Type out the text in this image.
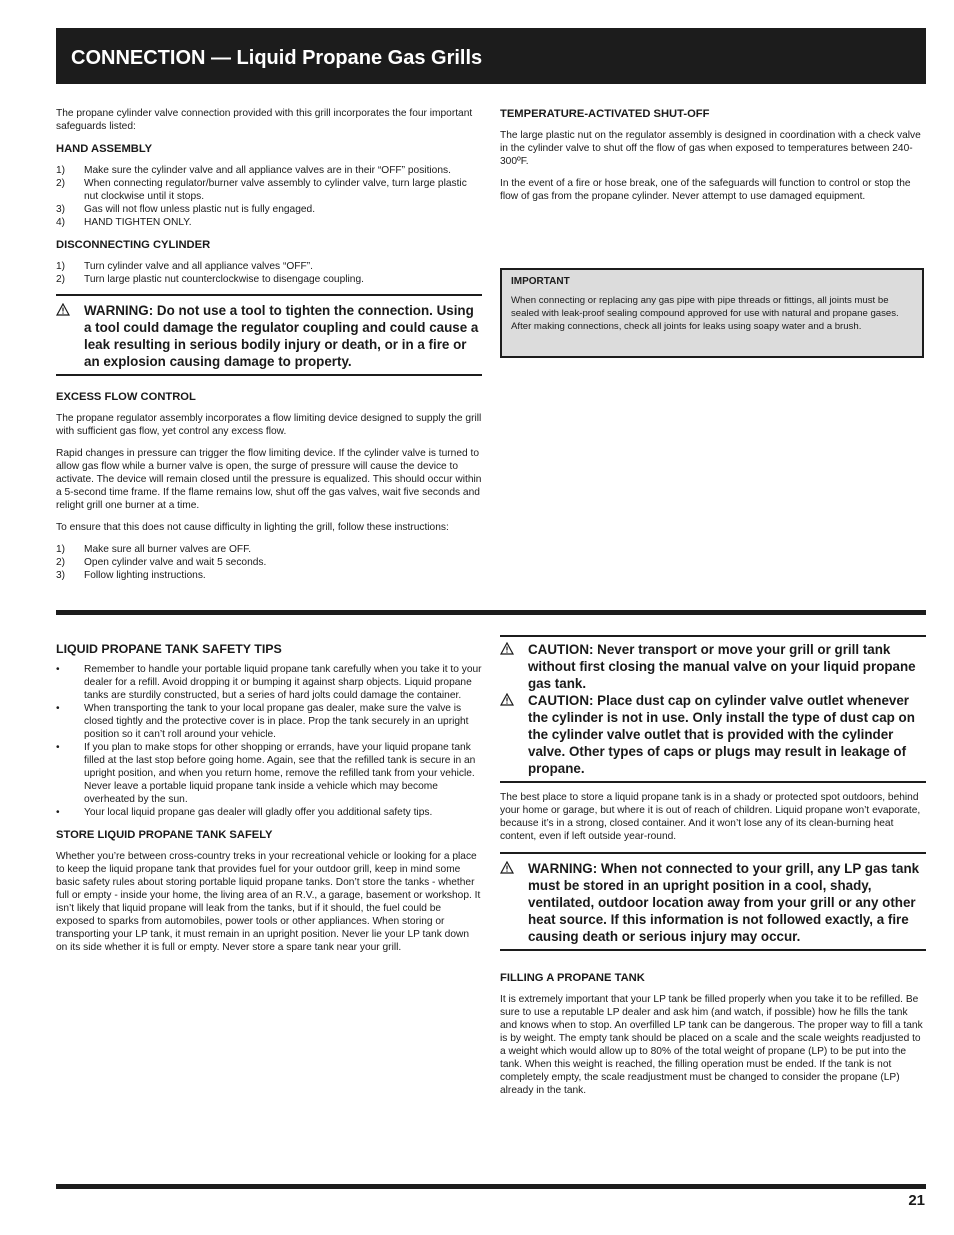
CONNECTION — Liquid Propane Gas Grills

The propane cylinder valve connection provided with this grill incorporates the four important safeguards listed:

HAND ASSEMBLY
1) Make sure the cylinder valve and all appliance valves are in their “OFF” positions.
2) When connecting regulator/burner valve assembly to cylinder valve, turn large plastic nut clockwise until it stops.
3) Gas will not flow unless plastic nut is fully engaged.
4) HAND TIGHTEN ONLY.
DISCONNECTING CYLINDER
1) Turn cylinder valve and all appliance valves “OFF”.
2) Turn large plastic nut counterclockwise to disengage coupling.
WARNING: Do not use a tool to tighten the connection. Using a tool could damage the regulator coupling and could cause a leak resulting in serious bodily injury or death, or in a fire or an explosion causing damage to property.
EXCESS FLOW CONTROL

The propane regulator assembly incorporates a flow limiting device designed to supply the grill with sufficient gas flow, yet control any excess flow.

Rapid changes in pressure can trigger the flow limiting device. If the cylinder valve is turned to allow gas flow while a burner valve is open, the surge of pressure will cause the device to activate. The device will remain closed until the pressure is equalized. This should occur within a 5-second time frame. If the flame remains low, shut off the gas valves, wait five seconds and relight grill one burner at a time.

To ensure that this does not cause difficulty in lighting the grill, follow these instructions:

1) Make sure all burner valves are OFF.
2) Open cylinder valve and wait 5 seconds.
3) Follow lighting instructions.
TEMPERATURE-ACTIVATED SHUT-OFF

The large plastic nut on the regulator assembly is designed in coordination with a check valve in the cylinder valve to shut off the flow of gas when exposed to temperatures between 240-300ºF.

In the event of a fire or hose break, one of the safeguards will function to control or stop the flow of gas from the propane cylinder. Never attempt to use damaged equipment.

IMPORTANT

When connecting or replacing any gas pipe with pipe threads or fittings, all joints must be sealed with leak-proof sealing compound approved for use with natural and propane gases. After making connections, check all joints for leaks using soapy water and a brush.

LIQUID PROPANE TANK SAFETY TIPS
• Remember to handle your portable liquid propane tank carefully when you take it to your dealer for a refill. Avoid dropping it or bumping it against sharp objects. Liquid propane tanks are sturdily constructed, but a series of hard jolts could damage the container.
• When transporting the tank to your local propane gas dealer, make sure the valve is closed tightly and the protective cover is in place. Prop the tank securely in an upright position so it can’t roll around your vehicle.
• If you plan to make stops for other shopping or errands, have your liquid propane tank filled at the last stop before going home. Again, see that the refilled tank is secure in an upright position, and when you return home, remove the refilled tank from your vehicle. Never leave a portable liquid propane tank inside a vehicle which may become overheated by the sun.
• Your local liquid propane gas dealer will gladly offer you additional safety tips.
STORE LIQUID PROPANE TANK SAFELY

Whether you’re between cross-country treks in your recreational vehicle or looking for a place to keep the liquid propane tank that provides fuel for your outdoor grill, keep in mind some basic safety rules about storing portable liquid propane tanks. Don’t store the tanks - whether full or empty - inside your home, the living area of an R.V., a garage, basement or workshop. It isn’t likely that liquid propane will leak from the tanks, but if it should, the fuel could be exposed to sparks from automobiles, power tools or other appliances. When storing or transporting your LP tank, it must remain in an upright position. Never lie your LP tank down on its side whether it is full or empty. Never store a spare tank near your grill.

CAUTION: Never transport or move your grill or grill tank without first closing the manual valve on your liquid propane gas tank.
CAUTION: Place dust cap on cylinder valve outlet whenever the cylinder is not in use. Only install the type of dust cap on the cylinder valve outlet that is provided with the cylinder valve. Other types of caps or plugs may result in leakage of propane.

The best place to store a liquid propane tank is in a shady or protected spot outdoors, behind your home or garage, but where it is out of reach of children. Liquid propane won’t evaporate, because it’s in a strong, closed container. And it won’t lose any of its clean-burning heat content, even if left outside year-round.

WARNING: When not connected to your grill, any LP gas tank must be stored in an upright position in a cool, shady, ventilated, outdoor location away from your grill or any other heat source. If this information is not followed exactly, a fire causing death or serious injury may occur.
FILLING A PROPANE TANK

It is extremely important that your LP tank be filled properly when you take it to be refilled. Be sure to use a reputable LP dealer and ask him (and watch, if possible) how he fills the tank and knows when to stop. An overfilled LP tank can be dangerous. The proper way to fill a tank is by weight. The empty tank should be placed on a scale and the scale weights readjusted to a weight which would allow up to 80% of the total weight of propane (LP) to be put into the tank. When this weight is reached, the filling operation must be ended. If the tank is not completely empty, the scale readjustment must be changed to consider the propane (LP) already in the tank.

21
